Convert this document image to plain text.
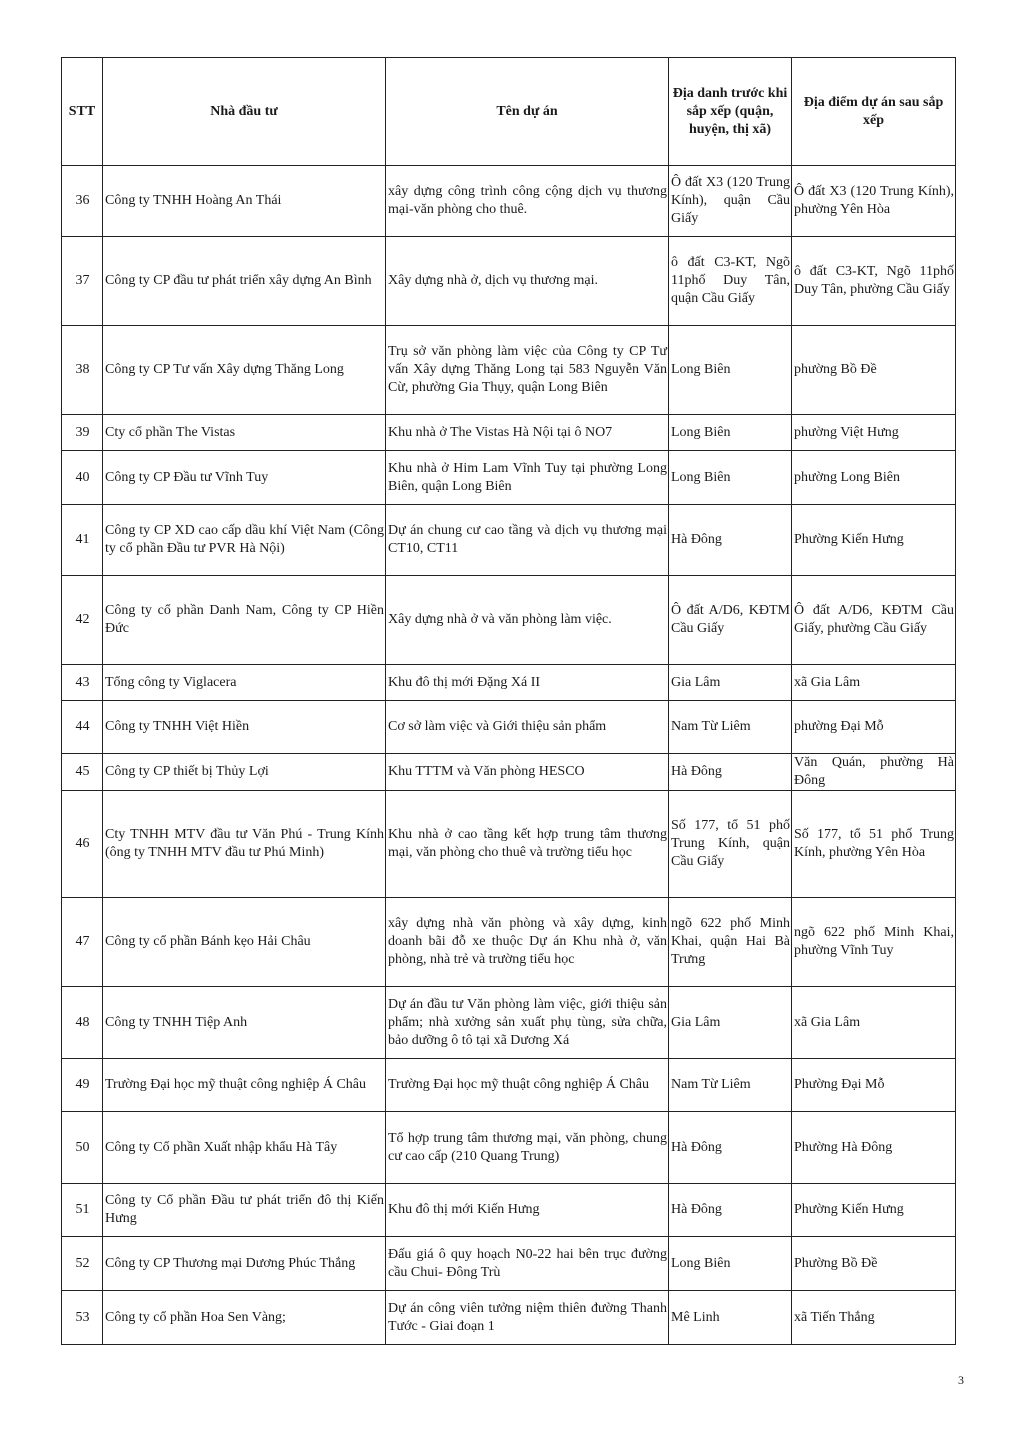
STT	Nhà đầu tư	Tên dự án	Địa danh trước khi sắp xếp (quận, huyện, thị xã)	Địa điểm dự án sau sắp xếp
36	Công ty TNHH Hoàng An Thái	xây dựng công trình công cộng dịch vụ thương mại-văn phòng cho thuê.	Ô đất X3 (120 Trung Kính), quận Cầu Giấy	Ô đất X3 (120 Trung Kính), phường Yên Hòa
37	Công ty CP đầu tư phát triển xây dựng An Bình	Xây dựng nhà ở, dịch vụ thương mại.	ô đất C3-KT, Ngõ 11phố Duy Tân, quận Cầu Giấy	ô đất C3-KT, Ngõ 11phố Duy Tân, phường Cầu Giấy
38	Công ty CP Tư vấn Xây dựng Thăng Long	Trụ sở văn phòng làm việc của Công ty CP Tư vấn Xây dựng Thăng Long tại 583 Nguyễn Văn Cừ, phường Gia Thụy, quận Long Biên	Long Biên	phường Bồ Đề
39	Cty cổ phần The Vistas	Khu nhà ở The Vistas Hà Nội tại ô NO7	Long Biên	phường Việt Hưng
40	Công ty CP Đầu tư Vĩnh Tuy	Khu nhà ở Him Lam Vĩnh Tuy tại phường Long Biên, quận Long Biên	Long Biên	phường Long Biên
41	Công ty CP XD cao cấp dầu khí Việt Nam (Công ty cổ phần Đầu tư PVR Hà Nội)	Dự án chung cư cao tầng và dịch vụ thương mại CT10, CT11	Hà Đông	Phường Kiến Hưng
42	Công ty cổ phần Danh Nam, Công ty CP Hiền Đức	Xây dựng nhà ở và văn phòng làm việc.	Ô đất A/D6, KĐTM Cầu Giấy	Ô đất A/D6, KĐTM Cầu Giấy, phường Cầu Giấy
43	Tổng công ty Viglacera	Khu đô thị mới Đặng Xá II	Gia Lâm	xã Gia Lâm
44	Công ty TNHH Việt Hiền	Cơ sở làm việc và Giới thiệu sản phẩm	Nam Từ Liêm	phường Đại Mỗ
45	Công ty CP thiết bị Thủy Lợi	Khu TTTM và Văn phòng HESCO	Hà Đông	Văn Quán, phường Hà Đông
46	Cty TNHH MTV đầu tư Văn Phú - Trung Kính (ông ty TNHH MTV đầu tư Phú Minh)	Khu nhà ở cao tầng kết hợp trung tâm thương mại, văn phòng cho thuê và trường tiểu học	Số 177, tổ 51 phố Trung Kính, quận Cầu Giấy	Số 177, tổ 51 phố Trung Kính, phường Yên Hòa
47	Công ty cổ phần Bánh kẹo Hải Châu	xây dựng nhà văn phòng và xây dựng, kinh doanh bãi đỗ xe thuộc Dự án Khu nhà ở, văn phòng, nhà trẻ và trường tiểu học	ngõ 622 phố Minh Khai, quận Hai Bà Trưng	ngõ 622 phố Minh Khai, phường Vĩnh Tuy
48	Công ty TNHH Tiệp Anh	Dự án đầu tư Văn phòng làm việc, giới thiệu sản phẩm; nhà xưởng sản xuất phụ tùng, sửa chữa, bảo dưỡng ô tô tại xã Dương Xá	Gia Lâm	xã Gia Lâm
49	Trường Đại học mỹ thuật công nghiệp Á Châu	Trường Đại học mỹ thuật công nghiệp Á Châu	Nam Từ Liêm	Phường Đại Mỗ
50	Công ty Cổ phần Xuất nhập khẩu Hà Tây	Tổ hợp trung tâm thương mại, văn phòng, chung cư cao cấp (210 Quang Trung)	Hà Đông	Phường Hà Đông
51	Công ty Cổ phần Đầu tư phát triển đô thị Kiến Hưng	Khu đô thị mới Kiến Hưng	Hà Đông	Phường Kiến Hưng
52	Công ty CP Thương mại Dương Phúc Thắng	Đấu giá ô quy hoạch N0-22 hai bên trục đường cầu Chui- Đông Trù	Long Biên	Phường Bồ Đề
53	Công ty cổ phần Hoa Sen Vàng;	Dự án công viên tưởng niệm thiên đường Thanh Tước - Giai đoạn 1	Mê Linh	xã Tiến Thắng
3
